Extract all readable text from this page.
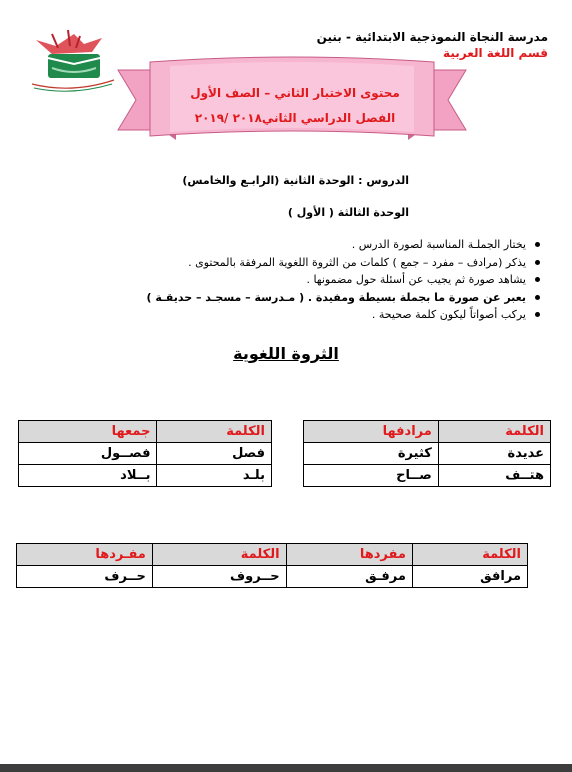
مدرسة النجاة النموذجية الابتدائية - بنين
قسم اللغة العربية
محتوى الاختبار الثاني – الصف الأول
الفصل الدراسي الثاني٢٠١٨ /٢٠١٩
الدروس : الوحدة الثانية (الرابـع والخامس)
الوحدة الثالثة ( الأول )
يختار الجملـة المناسبة لصورة الدرس .
يذكر (مرادف – مفرد – جمع ) كلمات من الثروة اللغوية المرفقة بالمحتوى .
يشاهد صورة ثم يجيب عن أسئلة حول مضمونها .
يعبر عن صورة ما بجملة بسيطة ومفيدة . ( مـدرسة – مسجـد – حديقـة )
يركب أصواتاً ليكون كلمة صحيحة .
الثروة اللغوية
الكلمة	مرادفها
عديدة	كثيرة
هتــف	صــاح
الكلمة	جمعها
فصل	فصــول
بلـد	بــلاد
الكلمة	مفردها	الكلمة	مفـردها
مرافق	مرفـق	حــروف	حــرف
